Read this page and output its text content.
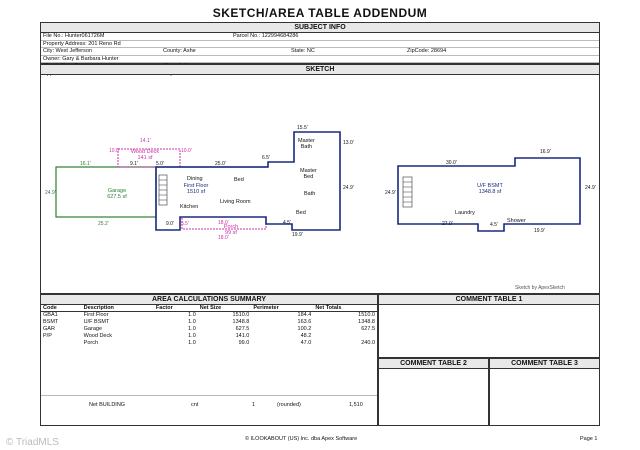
SKETCH/AREA TABLE ADDENDUM
SUBJECT INFO
File No.: Hunter061726M	Parcel No.: 122994684286
Property Address: 201 Reno Rd
City: West Jefferson	County: Ashe	State: NC	ZipCode: 28694
Owner: Gary & Barbara Hunter
SKETCH
Garage
627.5 sf
Wood Deck
141 sf
First Floor
1510 sf
Dining
Kitchen
Living Room
Bed
Bed
Bath
Master
Bed
Master
Bath
Porch
99 sf
U/F BSMT
1348.8 sf
Laundry
Shower
14.1'
10.0'	10.0'
16.1'	9.1'	5.0'	25.0'
15.5'
6.5'
13.0'
24.9'
24.9'
25.2'	9.0'	18.0'
18.0'
5.5'	4.5'
19.9'
30.0'
16.9'
24.9'
24.9'
27.0'	4.5'
19.9'
Sketch by ApexSketch
AREA CALCULATIONS SUMMARY
Code	Description	Factor	Net Size	Perimeter	Net Totals
GBA1	First Floor	1.0	1510.0	184.4	1510.0
BSMT	U/F BSMT	1.0	1348.8	163.6	1348.8
GAR	Garage	1.0	627.5	100.2	627.5
P/P	Wood Deck	1.0	141.0	48.2	
	Porch	1.0	99.0	47.0	240.0
Net BUILDING	cnt	1	(rounded)	1,510
COMMENT TABLE 1
COMMENT TABLE 2	COMMENT TABLE 3
© ILOOKABOUT (US) Inc. dba Apex Software	Page 1
© TriadMLS
